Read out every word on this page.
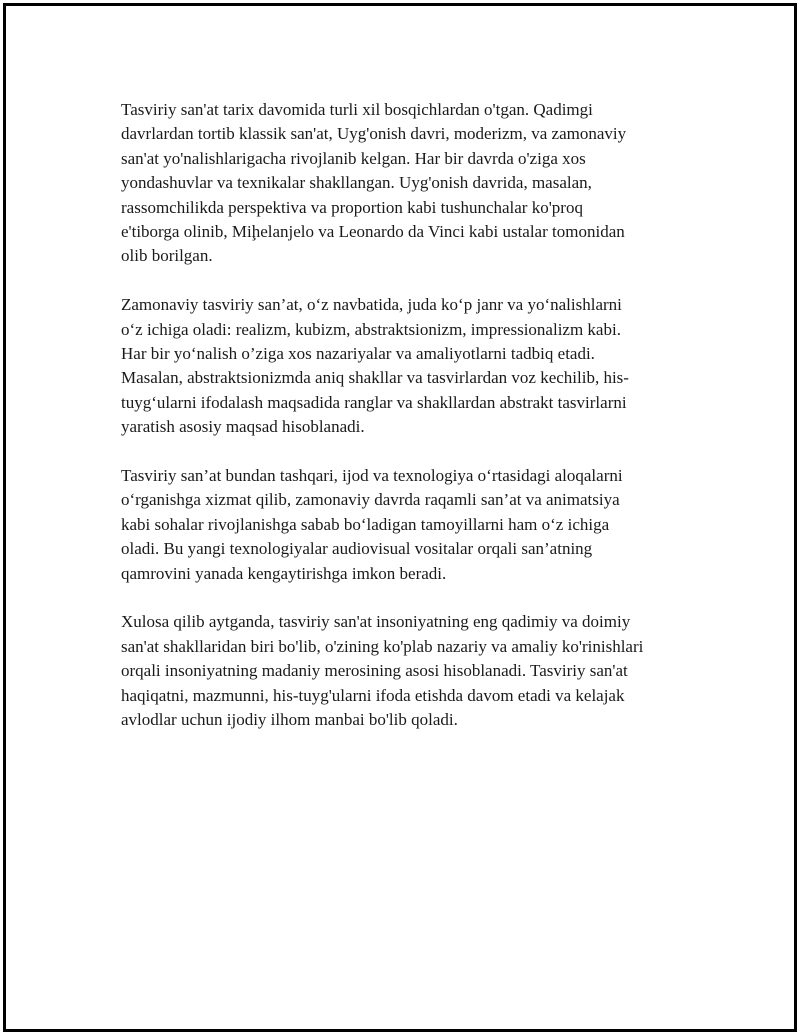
Tasviriy san'at tarix davomida turli xil bosqichlardan o'tgan. Qadimgi
davrlardan tortib klassik san'at, Uyg'onish davri, moderizm, va zamonaviy
san'at yo'nalishlarigacha rivojlanib kelgan. Har bir davrda o'ziga xos
yondashuvlar va texnikalar shakllangan. Uyg'onish davrida, masalan,
rassomchilikda perspektiva va proportion kabi tushunchalar ko'proq
e'tiborga olinib, Miḩelanjelo va Leonardo da Vinci kabi ustalar tomonidan
olib borilgan.

Zamonaviy tasviriy san’at, o‘z navbatida, juda ko‘p janr va yo‘nalishlarni
o‘z ichiga oladi: realizm, kubizm, abstraktsionizm, impressionalizm kabi.
Har bir yo‘nalish o’ziga xos nazariyalar va amaliyotlarni tadbiq etadi.
Masalan, abstraktsionizmda aniq shakllar va tasvirlardan voz kechilib, his-
tuyg‘ularni ifodalash maqsadida ranglar va shakllardan abstrakt tasvirlarni
yaratish asosiy maqsad hisoblanadi.

Tasviriy san’at bundan tashqari, ijod va texnologiya o‘rtasidagi aloqalarni
o‘rganishga xizmat qilib, zamonaviy davrda raqamli san’at va animatsiya
kabi sohalar rivojlanishga sabab bo‘ladigan tamoyillarni ham o‘z ichiga
oladi. Bu yangi texnologiyalar audiovisual vositalar orqali san’atning
qamrovini yanada kengaytirishga imkon beradi.

Xulosa qilib aytganda, tasviriy san'at insoniyatning eng qadimiy va doimiy
san'at shakllaridan biri bo'lib, o'zining ko'plab nazariy va amaliy ko'rinishlari
orqali insoniyatning madaniy merosining asosi hisoblanadi. Tasviriy san'at
haqiqatni, mazmunni, his-tuyg'ularni ifoda etishda davom etadi va kelajak
avlodlar uchun ijodiy ilhom manbai bo'lib qoladi.
